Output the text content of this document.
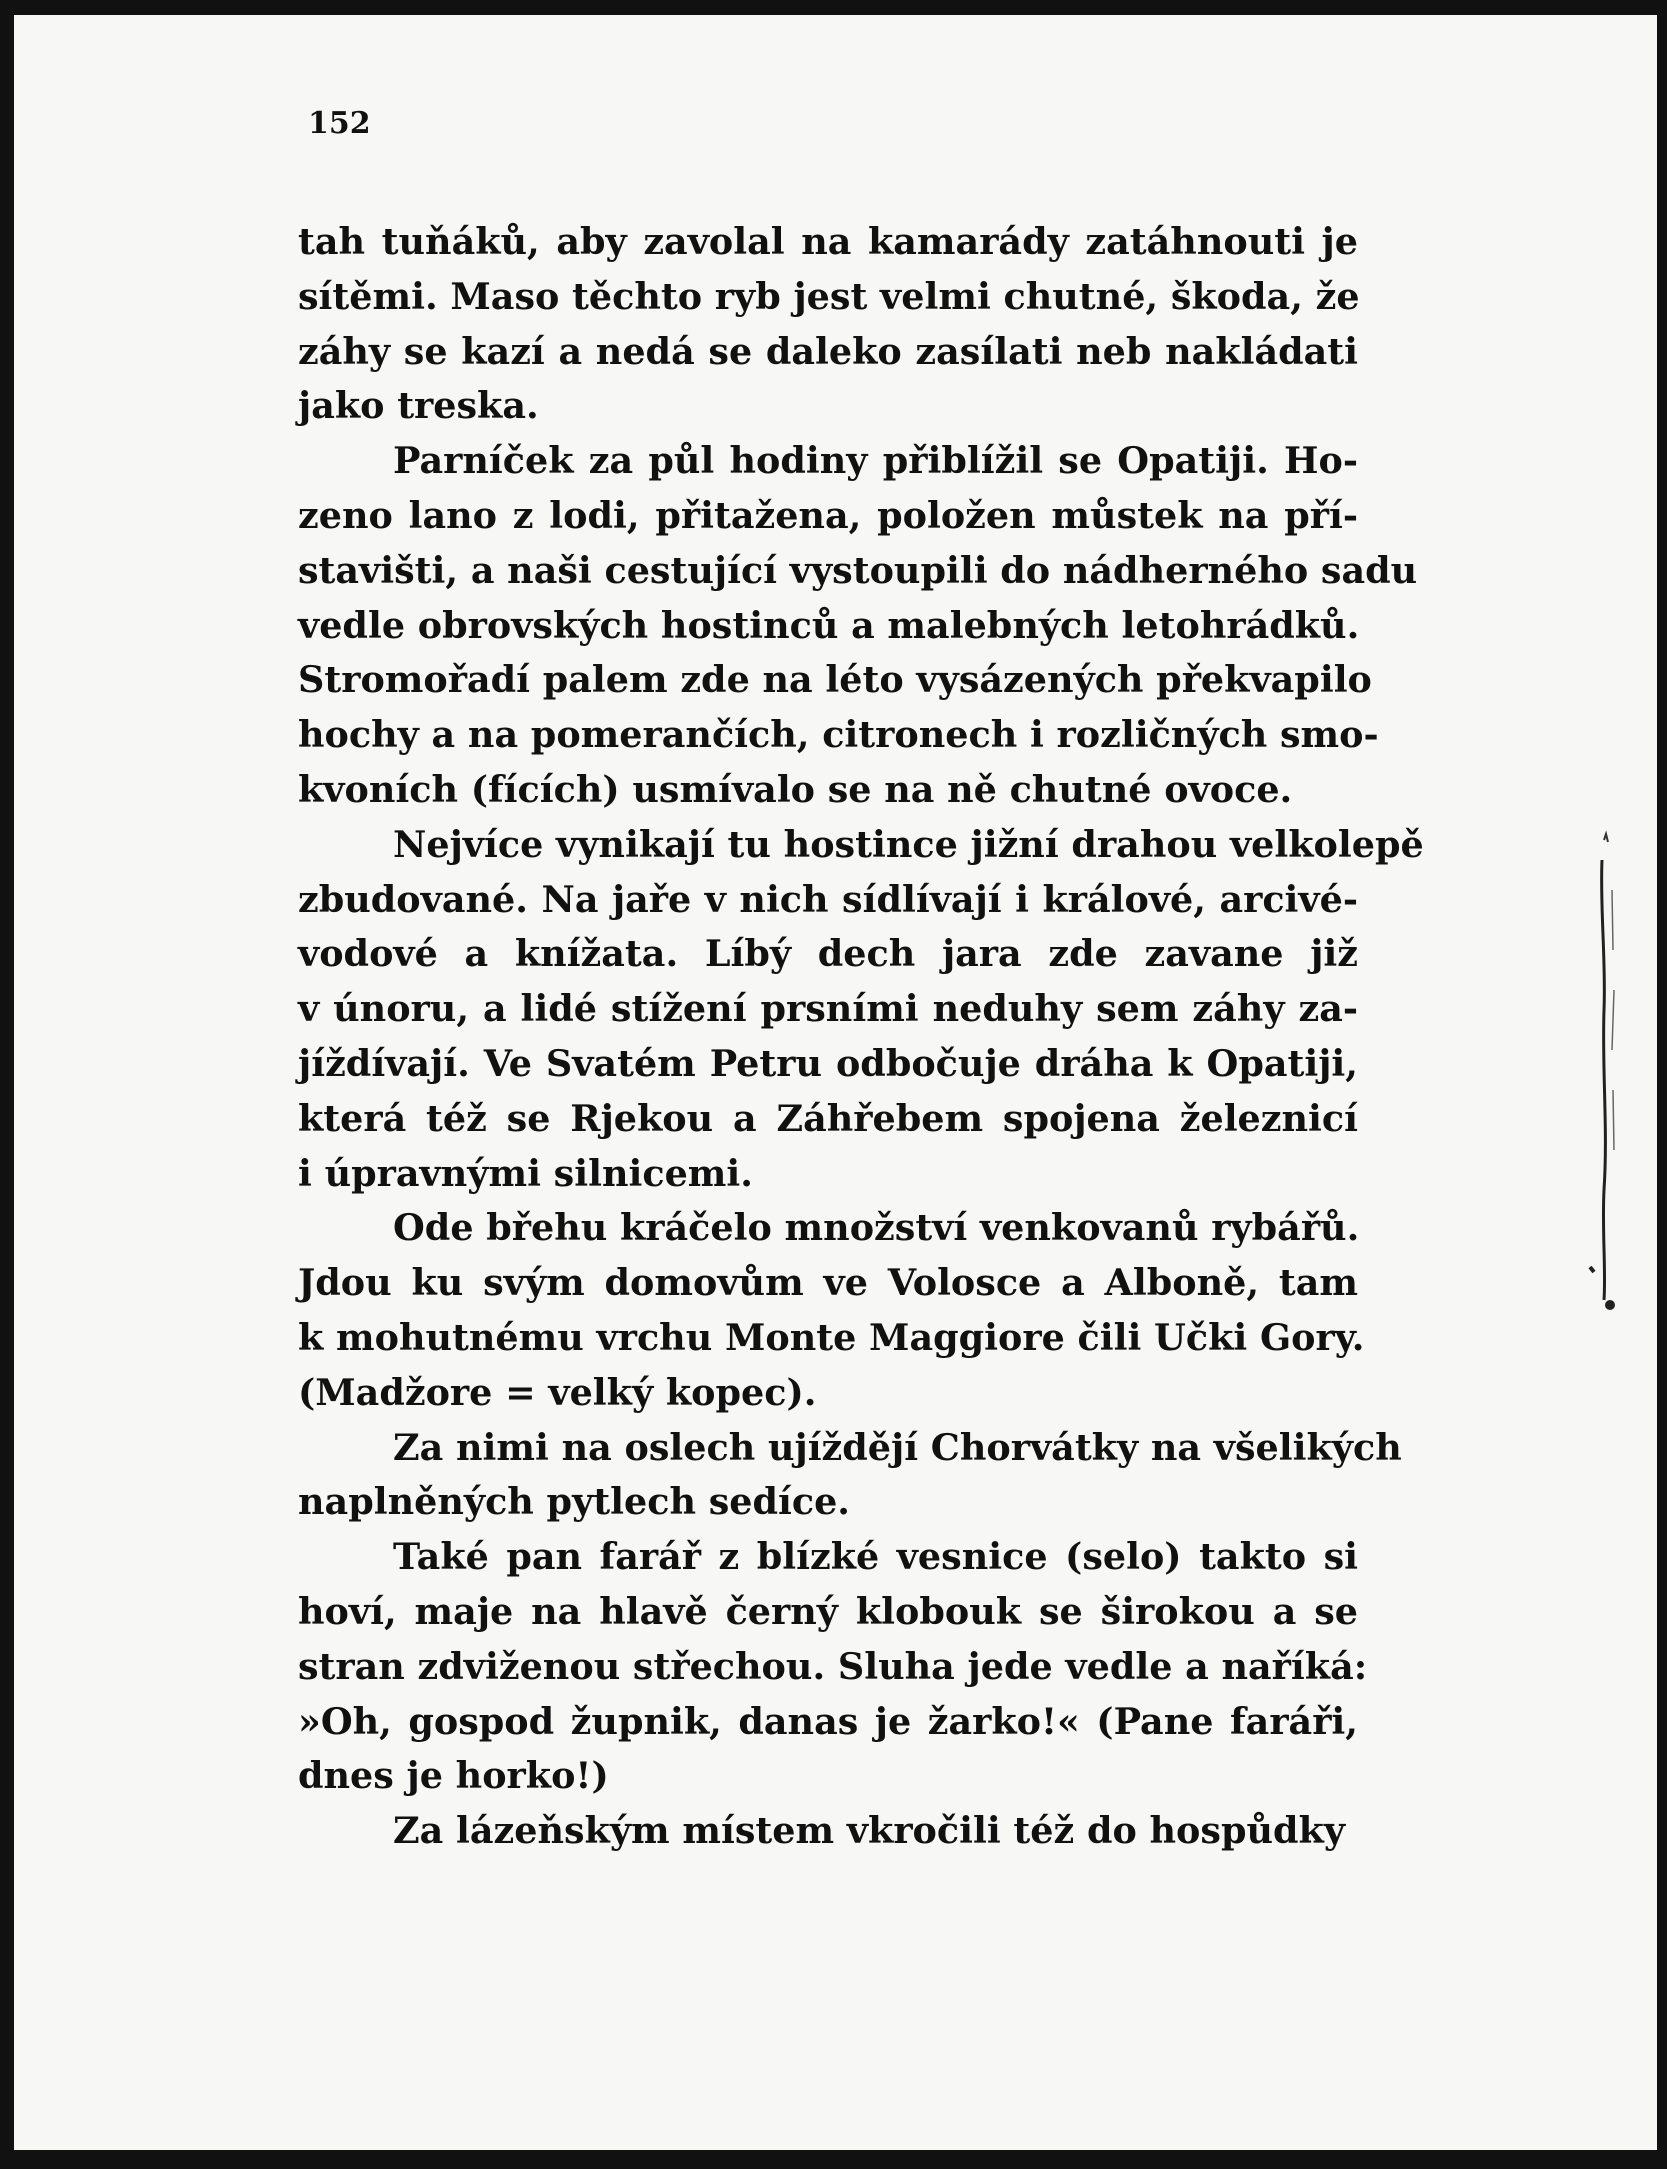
152
tah tuňáků, aby zavolal na kamarády zatáhnouti je
sítěmi. Maso těchto ryb jest velmi chutné, škoda, že
záhy se kazí a nedá se daleko zasílati neb nakládati
jako treska.
Parníček za půl hodiny přiblížil se Opatiji. Ho-
zeno lano z lodi, přitažena, položen můstek na pří-
stavišti, a naši cestující vystoupili do nádherného sadu
vedle obrovských hostinců a malebných letohrádků.
Stromořadí palem zde na léto vysázených překvapilo
hochy a na pomerančích, citronech i rozličných smo-
kvoních (fících) usmívalo se na ně chutné ovoce.
Nejvíce vynikají tu hostince jižní drahou velkolepě
zbudované. Na jaře v nich sídlívají i králové, arcivé-
vodové a knížata. Líbý dech jara zde zavane již
v únoru, a lidé stížení prsními neduhy sem záhy za-
jíždívají. Ve Svatém Petru odbočuje dráha k Opatiji,
která též se Rjekou a Záhřebem spojena železnicí
i úpravnými silnicemi.
Ode břehu kráčelo množství venkovanů rybářů.
Jdou ku svým domovům ve Volosce a Alboně, tam
k mohutnému vrchu Monte Maggiore čili Učki Gory.
(Madžore = velký kopec).
Za nimi na oslech ujíždějí Chorvátky na všelikých
naplněných pytlech sedíce.
Také pan farář z blízké vesnice (selo) takto si
hoví, maje na hlavě černý klobouk se širokou a se
stran zdviženou střechou. Sluha jede vedle a naříká:
»Oh, gospod župnik, danas je žarko!« (Pane faráři,
dnes je horko!)
Za lázeňským místem vkročili též do hospůdky
